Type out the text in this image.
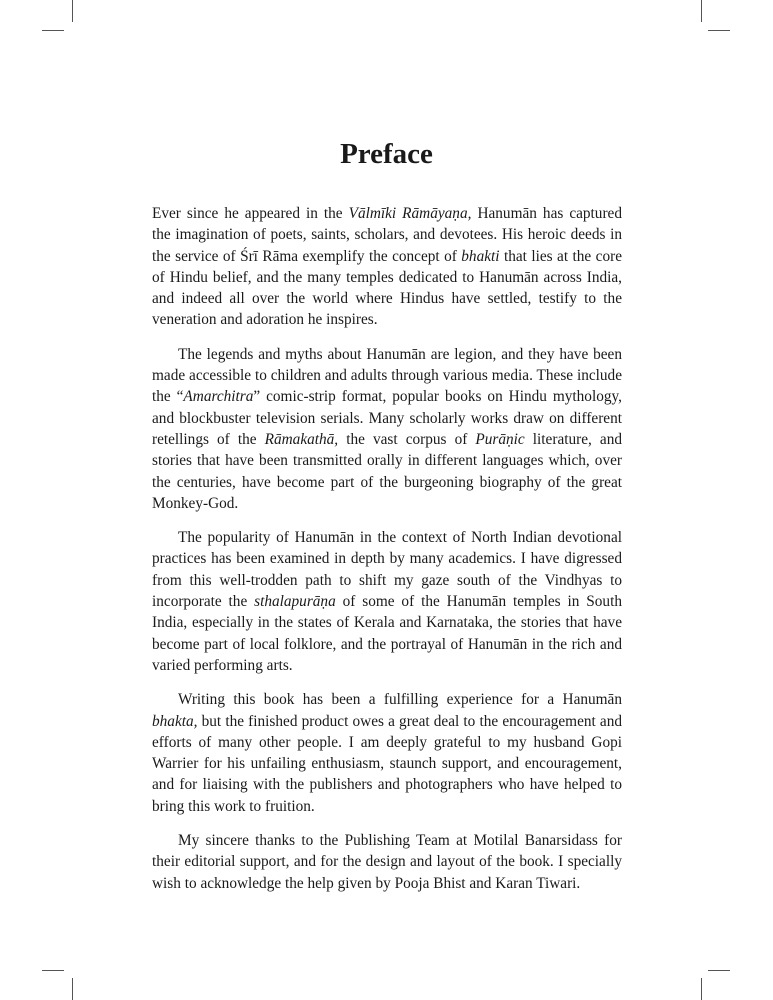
Preface

Ever since he appeared in the Vālmīki Rāmāyaṇa, Hanumān has captured the imagination of poets, saints, scholars, and devotees. His heroic deeds in the service of Śrī Rāma exemplify the concept of bhakti that lies at the core of Hindu belief, and the many temples dedicated to Hanumān across India, and indeed all over the world where Hindus have settled, testify to the veneration and adoration he inspires.

The legends and myths about Hanumān are legion, and they have been made accessible to children and adults through various media. These include the “Amarchitra” comic-strip format, popular books on Hindu mythology, and blockbuster television serials. Many scholarly works draw on different retellings of the Rāmakathā, the vast corpus of Purāṇic literature, and stories that have been transmitted orally in different languages which, over the centuries, have become part of the burgeoning biography of the great Monkey-God.

The popularity of Hanumān in the context of North Indian devotional practices has been examined in depth by many academics. I have digressed from this well-trodden path to shift my gaze south of the Vindhyas to incorporate the sthalapurāṇa of some of the Hanumān temples in South India, especially in the states of Kerala and Karnataka, the stories that have become part of local folklore, and the portrayal of Hanumān in the rich and varied performing arts.

Writing this book has been a fulfilling experience for a Hanumān bhakta, but the finished product owes a great deal to the encouragement and efforts of many other people. I am deeply grateful to my husband Gopi Warrier for his unfailing enthusiasm, staunch support, and encouragement, and for liaising with the publishers and photographers who have helped to bring this work to fruition.

My sincere thanks to the Publishing Team at Motilal Banarsidass for their editorial support, and for the design and layout of the book. I specially wish to acknowledge the help given by Pooja Bhist and Karan Tiwari.
